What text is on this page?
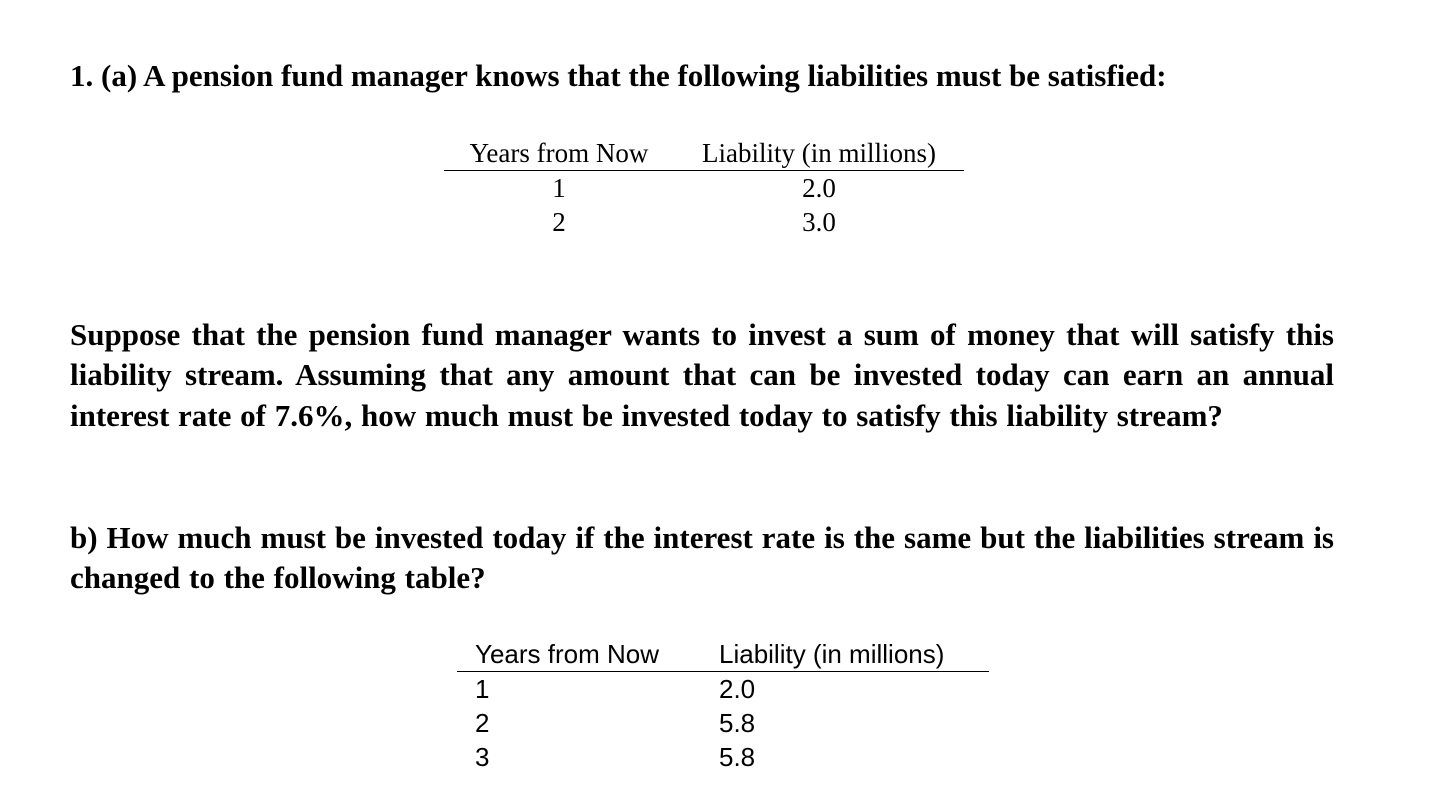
1. (a) A pension fund manager knows that the following liabilities must be satisfied:

Years from Now	Liability (in millions)
1	2.0
2	3.0

Suppose that the pension fund manager wants to invest a sum of money that will satisfy this liability stream. Assuming that any amount that can be invested today can earn an annual interest rate of 7.6%, how much must be invested today to satisfy this liability stream?

b) How much must be invested today if the interest rate is the same but the liabilities stream is changed to the following table?

Years from Now	Liability (in millions)
1	2.0
2	5.8
3	5.8
